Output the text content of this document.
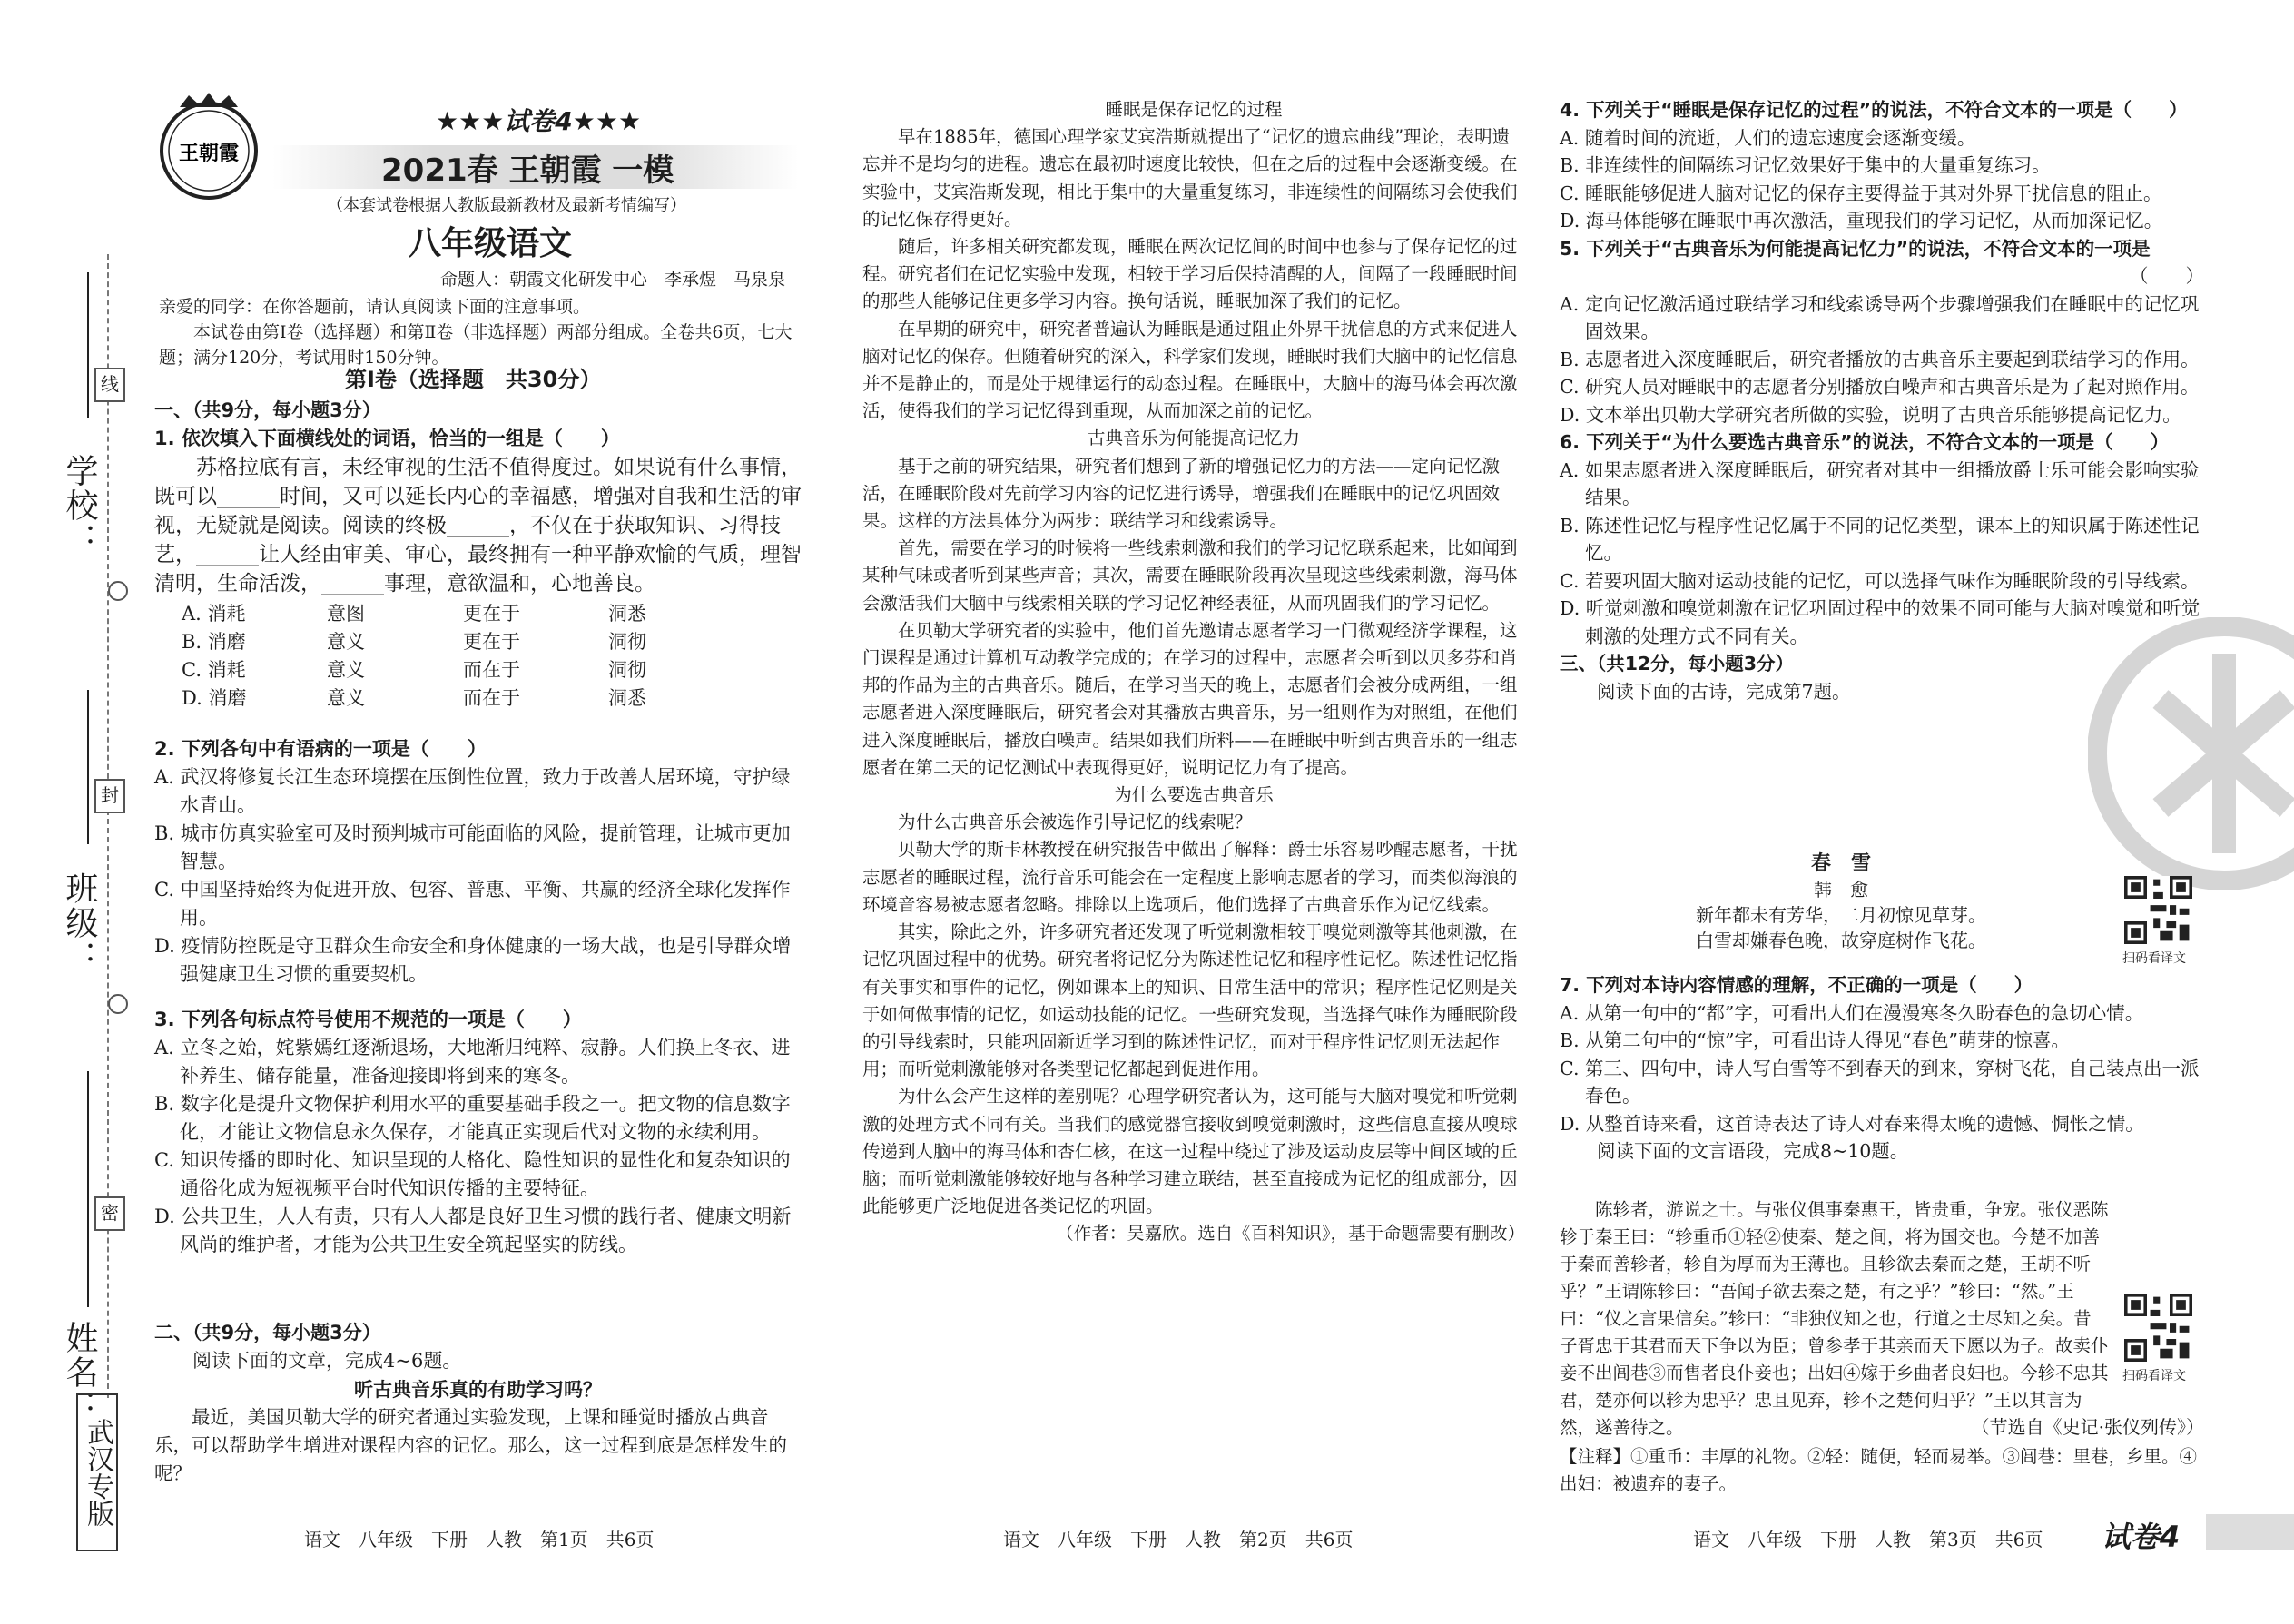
学校：
班级：
姓名：
线
封
密
武汉专版
王朝霞
★★★试卷4★★★
2021春 王朝霞 一模
（本套试卷根据人教版最新教材及最新考情编写）
八年级语文
命题人：朝霞文化研发中心　李承煜　马泉泉
亲爱的同学：在你答题前，请认真阅读下面的注意事项。
　　本试卷由第Ⅰ卷（选择题）和第Ⅱ卷（非选择题）两部分组成。全卷共6页，七大题；满分120分，考试用时150分钟。
第Ⅰ卷（选择题　共30分）
一、（共9分，每小题3分）
1. 依次填入下面横线处的词语，恰当的一组是（　　）
　　苏格拉底有言，未经审视的生活不值得度过。如果说有什么事情，既可以______时间，又可以延长内心的幸福感，增强对自我和生活的审视，无疑就是阅读。阅读的终极______，不仅在于获取知识、习得技艺，______让人经由审美、审心，最终拥有一种平静欢愉的气质，理智清明，生命活泼，______事理，意欲温和，心地善良。
A. 消耗	意图	更在于	洞悉
B. 消磨	意义	更在于	洞彻
C. 消耗	意义	而在于	洞彻
D. 消磨	意义	而在于	洞悉
2. 下列各句中有语病的一项是（　　）
A. 武汉将修复长江生态环境摆在压倒性位置，致力于改善人居环境，守护绿水青山。
B. 城市仿真实验室可及时预判城市可能面临的风险，提前管理，让城市更加智慧。
C. 中国坚持始终为促进开放、包容、普惠、平衡、共赢的经济全球化发挥作用。
D. 疫情防控既是守卫群众生命安全和身体健康的一场大战，也是引导群众增强健康卫生习惯的重要契机。
3. 下列各句标点符号使用不规范的一项是（　　）
A. 立冬之始，姹紫嫣红逐渐退场，大地渐归纯粹、寂静。人们换上冬衣、进补养生、储存能量，准备迎接即将到来的寒冬。
B. 数字化是提升文物保护利用水平的重要基础手段之一。把文物的信息数字化，才能让文物信息永久保存，才能真正实现后代对文物的永续利用。
C. 知识传播的即时化、知识呈现的人格化、隐性知识的显性化和复杂知识的通俗化成为短视频平台时代知识传播的主要特征。
D. 公共卫生，人人有责，只有人人都是良好卫生习惯的践行者、健康文明新风尚的维护者，才能为公共卫生安全筑起坚实的防线。
二、（共9分，每小题3分）
　　阅读下面的文章，完成4~6题。
听古典音乐真的有助学习吗？
　　最近，美国贝勒大学的研究者通过实验发现，上课和睡觉时播放古典音乐，可以帮助学生增进对课程内容的记忆。那么，这一过程到底是怎样发生的呢？
睡眠是保存记忆的过程
　　早在1885年，德国心理学家艾宾浩斯就提出了“记忆的遗忘曲线”理论，表明遗忘并不是均匀的进程。遗忘在最初时速度比较快，但在之后的过程中会逐渐变缓。在实验中，艾宾浩斯发现，相比于集中的大量重复练习，非连续性的间隔练习会使我们的记忆保存得更好。
　　随后，许多相关研究都发现，睡眠在两次记忆间的时间中也参与了保存记忆的过程。研究者们在记忆实验中发现，相较于学习后保持清醒的人，间隔了一段睡眠时间的那些人能够记住更多学习内容。换句话说，睡眠加深了我们的记忆。
　　在早期的研究中，研究者普遍认为睡眠是通过阻止外界干扰信息的方式来促进人脑对记忆的保存。但随着研究的深入，科学家们发现，睡眠时我们大脑中的记忆信息并不是静止的，而是处于规律运行的动态过程。在睡眠中，大脑中的海马体会再次激活，使得我们的学习记忆得到重现，从而加深之前的记忆。
古典音乐为何能提高记忆力
　　基于之前的研究结果，研究者们想到了新的增强记忆力的方法——定向记忆激活，在睡眠阶段对先前学习内容的记忆进行诱导，增强我们在睡眠中的记忆巩固效果。这样的方法具体分为两步：联结学习和线索诱导。
　　首先，需要在学习的时候将一些线索刺激和我们的学习记忆联系起来，比如闻到某种气味或者听到某些声音；其次，需要在睡眠阶段再次呈现这些线索刺激，海马体会激活我们大脑中与线索相关联的学习记忆神经表征，从而巩固我们的学习记忆。
　　在贝勒大学研究者的实验中，他们首先邀请志愿者学习一门微观经济学课程，这门课程是通过计算机互动教学完成的；在学习的过程中，志愿者会听到以贝多芬和肖邦的作品为主的古典音乐。随后，在学习当天的晚上，志愿者们会被分成两组，一组志愿者进入深度睡眠后，研究者会对其播放古典音乐，另一组则作为对照组，在他们进入深度睡眠后，播放白噪声。结果如我们所料——在睡眠中听到古典音乐的一组志愿者在第二天的记忆测试中表现得更好，说明记忆力有了提高。
为什么要选古典音乐
　　为什么古典音乐会被选作引导记忆的线索呢？
　　贝勒大学的斯卡林教授在研究报告中做出了解释：爵士乐容易吵醒志愿者，干扰志愿者的睡眠过程，流行音乐可能会在一定程度上影响志愿者的学习，而类似海浪的环境音容易被志愿者忽略。排除以上选项后，他们选择了古典音乐作为记忆线索。
　　其实，除此之外，许多研究者还发现了听觉刺激相较于嗅觉刺激等其他刺激，在记忆巩固过程中的优势。研究者将记忆分为陈述性记忆和程序性记忆。陈述性记忆指有关事实和事件的记忆，例如课本上的知识、日常生活中的常识；程序性记忆则是关于如何做事情的记忆，如运动技能的记忆。一些研究发现，当选择气味作为睡眠阶段的引导线索时，只能巩固新近学习到的陈述性记忆，而对于程序性记忆则无法起作用；而听觉刺激能够对各类型记忆都起到促进作用。
　　为什么会产生这样的差别呢？心理学研究者认为，这可能与大脑对嗅觉和听觉刺激的处理方式不同有关。当我们的感觉器官接收到嗅觉刺激时，这些信息直接从嗅球传递到人脑中的海马体和杏仁核，在这一过程中绕过了涉及运动皮层等中间区域的丘脑；而听觉刺激能够较好地与各种学习建立联结，甚至直接成为记忆的组成部分，因此能够更广泛地促进各类记忆的巩固。
（作者：吴嘉欣。选自《百科知识》，基于命题需要有删改）
4. 下列关于“睡眠是保存记忆的过程”的说法，不符合文本的一项是（　　）
A. 随着时间的流逝，人们的遗忘速度会逐渐变缓。
B. 非连续性的间隔练习记忆效果好于集中的大量重复练习。
C. 睡眠能够促进人脑对记忆的保存主要得益于其对外界干扰信息的阻止。
D. 海马体能够在睡眠中再次激活，重现我们的学习记忆，从而加深记忆。
5. 下列关于“古典音乐为何能提高记忆力”的说法，不符合文本的一项是
（　　）
A. 定向记忆激活通过联结学习和线索诱导两个步骤增强我们在睡眠中的记忆巩固效果。
B. 志愿者进入深度睡眠后，研究者播放的古典音乐主要起到联结学习的作用。
C. 研究人员对睡眠中的志愿者分别播放白噪声和古典音乐是为了起对照作用。
D. 文本举出贝勒大学研究者所做的实验，说明了古典音乐能够提高记忆力。
6. 下列关于“为什么要选古典音乐”的说法，不符合文本的一项是（　　）
A. 如果志愿者进入深度睡眠后，研究者对其中一组播放爵士乐可能会影响实验结果。
B. 陈述性记忆与程序性记忆属于不同的记忆类型，课本上的知识属于陈述性记忆。
C. 若要巩固大脑对运动技能的记忆，可以选择气味作为睡眠阶段的引导线索。
D. 听觉刺激和嗅觉刺激在记忆巩固过程中的效果不同可能与大脑对嗅觉和听觉刺激的处理方式不同有关。
三、（共12分，每小题3分）
　　阅读下面的古诗，完成第7题。
春　雪
韩　愈
新年都未有芳华，二月初惊见草芽。
白雪却嫌春色晚，故穿庭树作飞花。
扫码看译文
7. 下列对本诗内容情感的理解，不正确的一项是（　　）
A. 从第一句中的“都”字，可看出人们在漫漫寒冬久盼春色的急切心情。
B. 从第二句中的“惊”字，可看出诗人得见“春色”萌芽的惊喜。
C. 第三、四句中，诗人写白雪等不到春天的到来，穿树飞花，自己装点出一派春色。
D. 从整首诗来看，这首诗表达了诗人对春来得太晚的遗憾、惆怅之情。
　　阅读下面的文言语段，完成8~10题。
　　陈轸者，游说之士。与张仪俱事秦惠王，皆贵重，争宠。张仪恶陈轸于秦王曰：“轸重币①轻②使秦、楚之间，将为国交也。今楚不加善于秦而善轸者，轸自为厚而为王薄也。且轸欲去秦而之楚，王胡不听乎？”王谓陈轸曰：“吾闻子欲去秦之楚，有之乎？”轸曰：“然。”王曰：“仪之言果信矣。”轸曰：“非独仪知之也，行道之士尽知之矣。昔子胥忠于其君而天下争以为臣；曾参孝于其亲而天下愿以为子。故卖仆妾不出闾巷③而售者良仆妾也；出妇④嫁于乡曲者良妇也。今轸不忠其君，楚亦何以轸为忠乎？忠且见弃，轸不之楚何归乎？”王以其言为然，遂善待之。
扫码看译文
（节选自《史记·张仪列传》）
【注释】①重币：丰厚的礼物。②轻：随便，轻而易举。③闾巷：里巷，乡里。④出妇：被遗弃的妻子。
语文　八年级　下册　人教　第1页　共6页	语文　八年级　下册　人教　第2页　共6页	语文　八年级　下册　人教　第3页　共6页 试卷4
